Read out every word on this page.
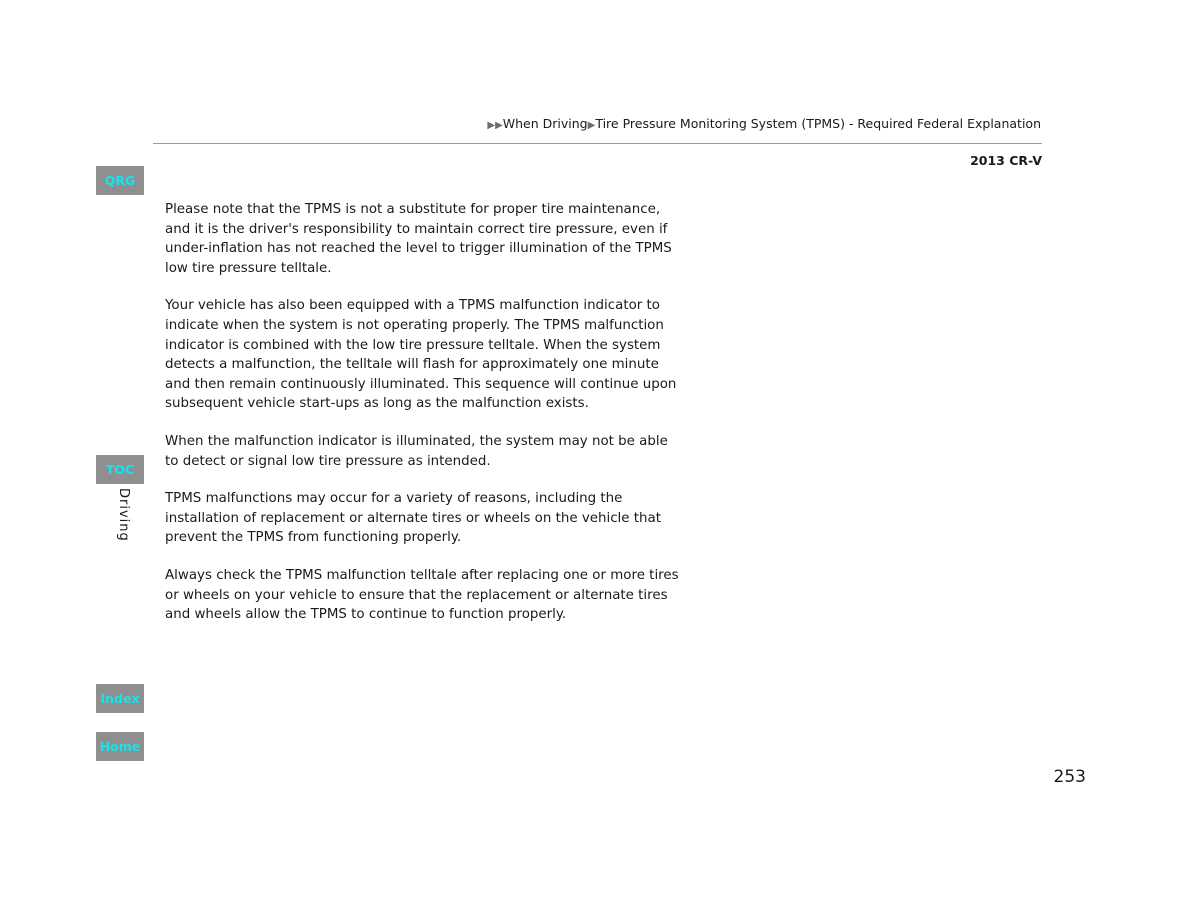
▶▶When Driving▶Tire Pressure Monitoring System (TPMS) - Required Federal Explanation
2013 CR-V
QRG
TOC
Driving
Index
Home

Please note that the TPMS is not a substitute for proper tire maintenance, and it is the driver's responsibility to maintain correct tire pressure, even if under-inflation has not reached the level to trigger illumination of the TPMS low tire pressure telltale.

Your vehicle has also been equipped with a TPMS malfunction indicator to indicate when the system is not operating properly. The TPMS malfunction indicator is combined with the low tire pressure telltale. When the system detects a malfunction, the telltale will flash for approximately one minute and then remain continuously illuminated. This sequence will continue upon subsequent vehicle start-ups as long as the malfunction exists.

When the malfunction indicator is illuminated, the system may not be able to detect or signal low tire pressure as intended.

TPMS malfunctions may occur for a variety of reasons, including the installation of replacement or alternate tires or wheels on the vehicle that prevent the TPMS from functioning properly.

Always check the TPMS malfunction telltale after replacing one or more tires or wheels on your vehicle to ensure that the replacement or alternate tires and wheels allow the TPMS to continue to function properly.

253
